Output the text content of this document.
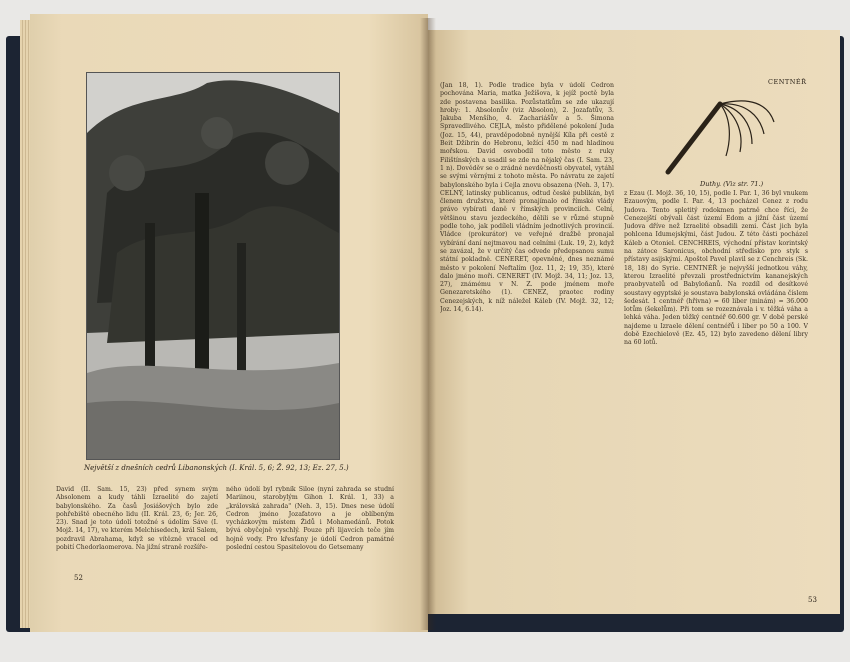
Největší z dnešních cedrů Libanonských (I. Král. 5, 6; Ž. 92, 13; Ez. 27, 5.)

David (II. Sam. 15, 23) před synem svým Absolonem a kudy táhli Izraelité do zajetí babylonského. Za časů Josiášových bylo zde pohřebiště obecného lidu (II. Král. 23, 6; Jer. 26, 23). Snad je toto údolí totožné s údolím Sáve (I. Mojž. 14, 17), ve kterém Melchisedech, král Salem, pozdravil Abrahama, když se vítězně vracel od pobití Chedorlaomerova. Na jižní straně rozšíře-

ného údolí byl rybník Siloe (nyní zahrada se studní Mariinou, starobylým Gihon I. Král. 1, 33) a „královská zahrada" (Neh. 3, 15). Dnes nese údolí Cedron jméno Jozafatovo a je oblíbeným vycházkovým místem Židů i Mohamedánů. Potok bývá obyčejně vyschlý. Pouze při lijavcích teče jím hojně vody. Pro křesťany je údolí Cedron památné poslední cestou Spasitelovou do Getsemany

52

(Jan 18, 1). Podle tradice byla v údolí Cedron pochována Maria, matka Ježíšova, k jejíž poctě byla zde postavena basilika. Pozůstatkům se zde ukazují hroby: 1. Absolonův (viz Absolon), 2. Jozafatův, 3. Jakuba Menšího, 4. Zachariášův a 5. Šimona Spravedlivého. CEJLA, město přidělené pokolení Juda (Joz. 15, 44), pravděpodobně nynější Kíla při cestě z Beit Džibrin do Hebronu, ležící 450 m nad hladinou mořskou. David osvobodil toto město z ruky Filištínských a usadil se zde na nějaký čas (I. Sam. 23, 1 n). Dověděv se o zrádné nevděčnosti obyvatel, vytáhl se svými věrnými z tohoto města. Po návratu ze zajetí babylonského byla i Cejla znovu obsazena (Neh. 3, 17). CELNÝ, latinsky publicanus, odtud české publikán, byl členem družstva, které pronajímalo od římské vlády právo vybírati daně v římských provinciích. Celní, většinou stavu jezdeckého, dělili se v různé stupně podle toho, jak podíleli vládním jednotlivých provincií. Vládce (prokurátor) ve veřejné dražbě pronajal vybírání daní nejtmavou nad celními (Luk. 19, 2), když se zavázal, že v určitý čas odvede předepsanou sumu státní pokladně. CENERET, opevněné, dnes neznámé město v pokolení Neftalím (Joz. 11, 2; 19, 35), které dalo jméno moři. CENERET (IV. Mojž. 34, 11; Joz. 13, 27), známému v N. Z. pode jménem moře Genezaretského (1). CENEZ, praotec rodiny Cenezejských, k níž náležel Káleb (IV. Mojž. 32, 12; Joz. 14, 6.14).

CENTNÉŘ
Duthy. (Viz str. 71.)

z Ezau (I. Mojž. 36, 10, 15), podle I. Par. 1, 36 byl vnukem Ezauovým, podle I. Par. 4, 13 pocházel Cenez z rodu Judova. Tento spletitý rodokmen patrně chce říci, že Cenezejští obývali část území Edom a jižní část území Judova dříve než Izraelité obsadili zemi. Část jich byla pohlcena Idumejskými, část Judou. Z této části pocházel Káleb a Otoniel. CENCHREIS, východní přístav korintský na zátoce Saronicus, obchodní středisko pro styk s přístavy asijskými. Apoštol Pavel plavil se z Cenchreis (Sk. 18, 18) do Syrie. CENTNÉŘ je nejvyšší jednotkou váhy, kterou Izraelité převzali prostřednictvím kananejských praobyvatelů od Babyloňanů. Na rozdíl od desítkové soustavy egyptské je soustava babylonská ovládána číslem šedesát. 1 centnéř (hřivna) = 60 liber (minám) = 36.000 lotům (šekelům). Při tom se rozeznávala i v. těžká váha a lehká váha. Jeden těžký centnéř 60.600 gr. V době perské najdeme u Izraele dělení centnéřů i liber po 50 a 100. V době Ezechielově (Ez. 45, 12) bylo zavedeno dělení libry na 60 lotů.

53
